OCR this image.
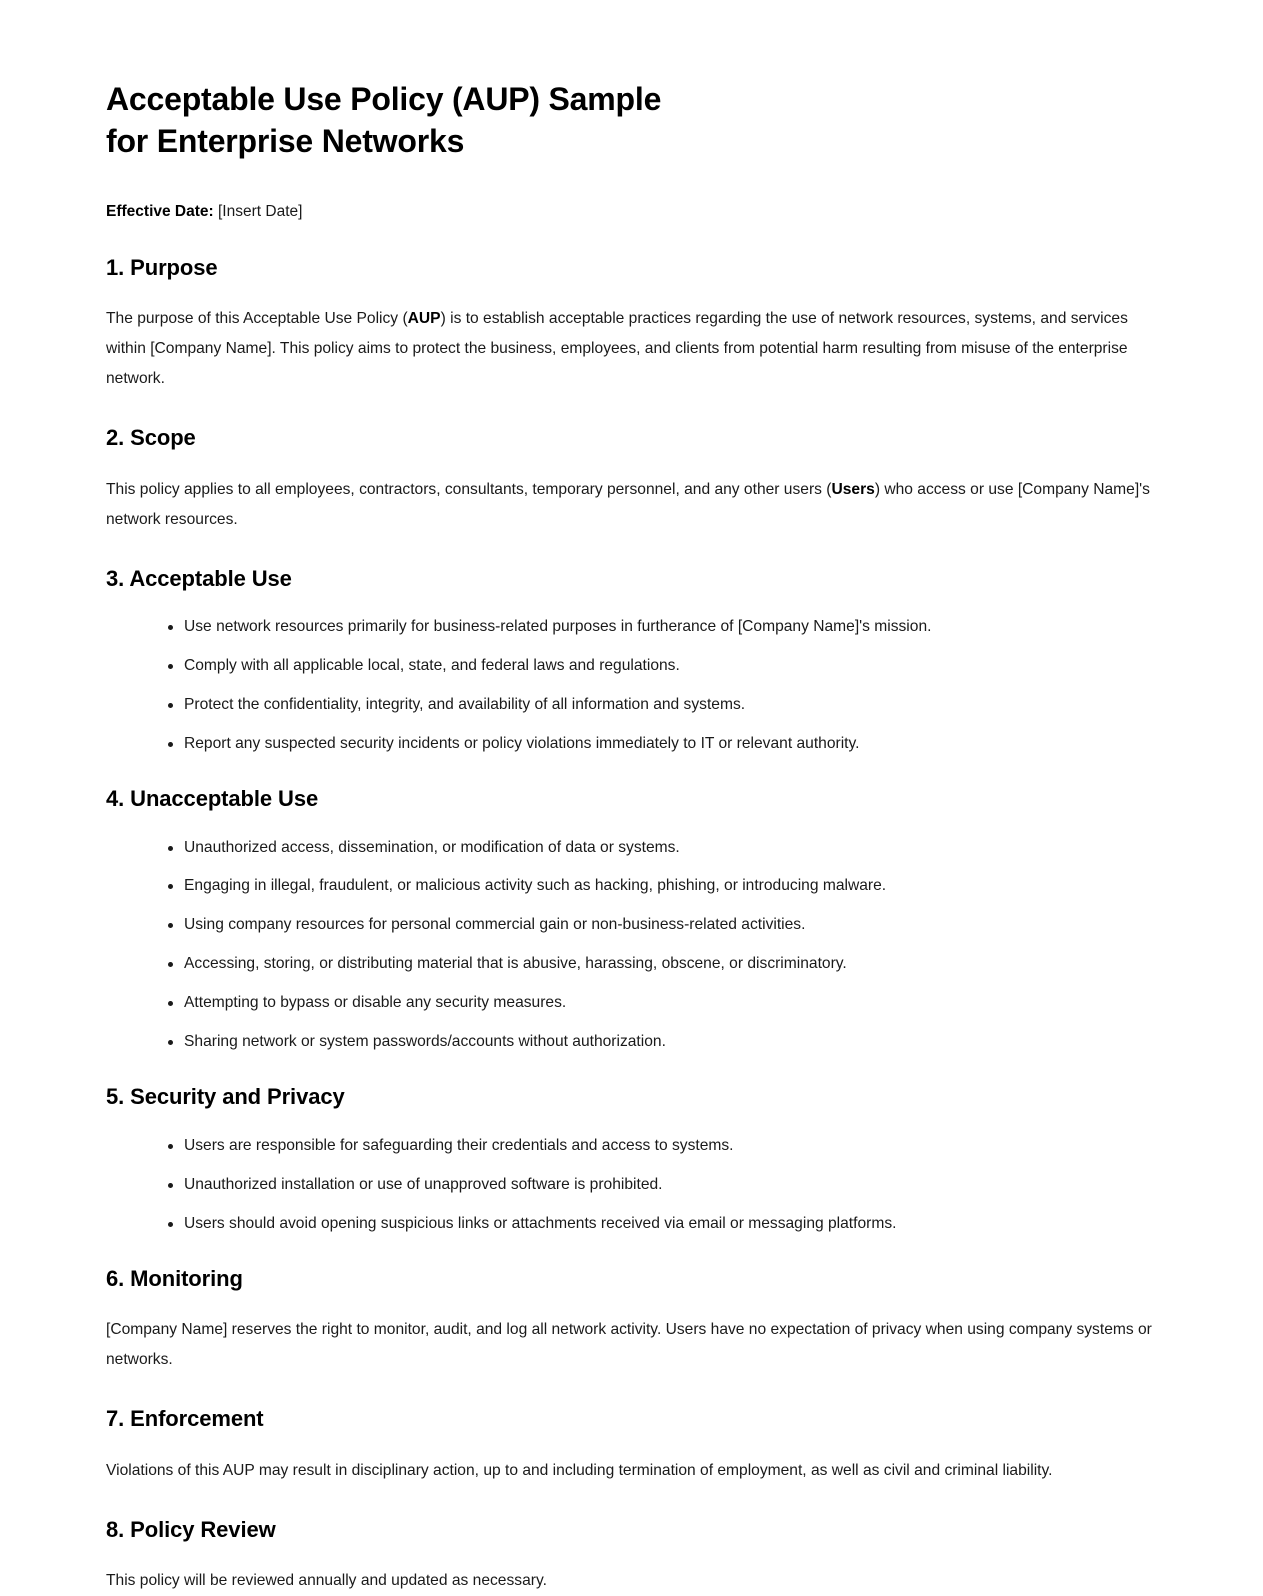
Acceptable Use Policy (AUP) Sample
for Enterprise Networks

Effective Date: [Insert Date]

1. Purpose

The purpose of this Acceptable Use Policy (AUP) is to establish acceptable practices regarding the use of network resources, systems, and services within [Company Name]. This policy aims to protect the business, employees, and clients from potential harm resulting from misuse of the enterprise network.

2. Scope

This policy applies to all employees, contractors, consultants, temporary personnel, and any other users (Users) who access or use [Company Name]'s network resources.

3. Acceptable Use
Use network resources primarily for business-related purposes in furtherance of [Company Name]'s mission.
Comply with all applicable local, state, and federal laws and regulations.
Protect the confidentiality, integrity, and availability of all information and systems.
Report any suspected security incidents or policy violations immediately to IT or relevant authority.
4. Unacceptable Use
Unauthorized access, dissemination, or modification of data or systems.
Engaging in illegal, fraudulent, or malicious activity such as hacking, phishing, or introducing malware.
Using company resources for personal commercial gain or non-business-related activities.
Accessing, storing, or distributing material that is abusive, harassing, obscene, or discriminatory.
Attempting to bypass or disable any security measures.
Sharing network or system passwords/accounts without authorization.
5. Security and Privacy
Users are responsible for safeguarding their credentials and access to systems.
Unauthorized installation or use of unapproved software is prohibited.
Users should avoid opening suspicious links or attachments received via email or messaging platforms.
6. Monitoring

[Company Name] reserves the right to monitor, audit, and log all network activity. Users have no expectation of privacy when using company systems or networks.

7. Enforcement

Violations of this AUP may result in disciplinary action, up to and including termination of employment, as well as civil and criminal liability.

8. Policy Review

This policy will be reviewed annually and updated as necessary.
